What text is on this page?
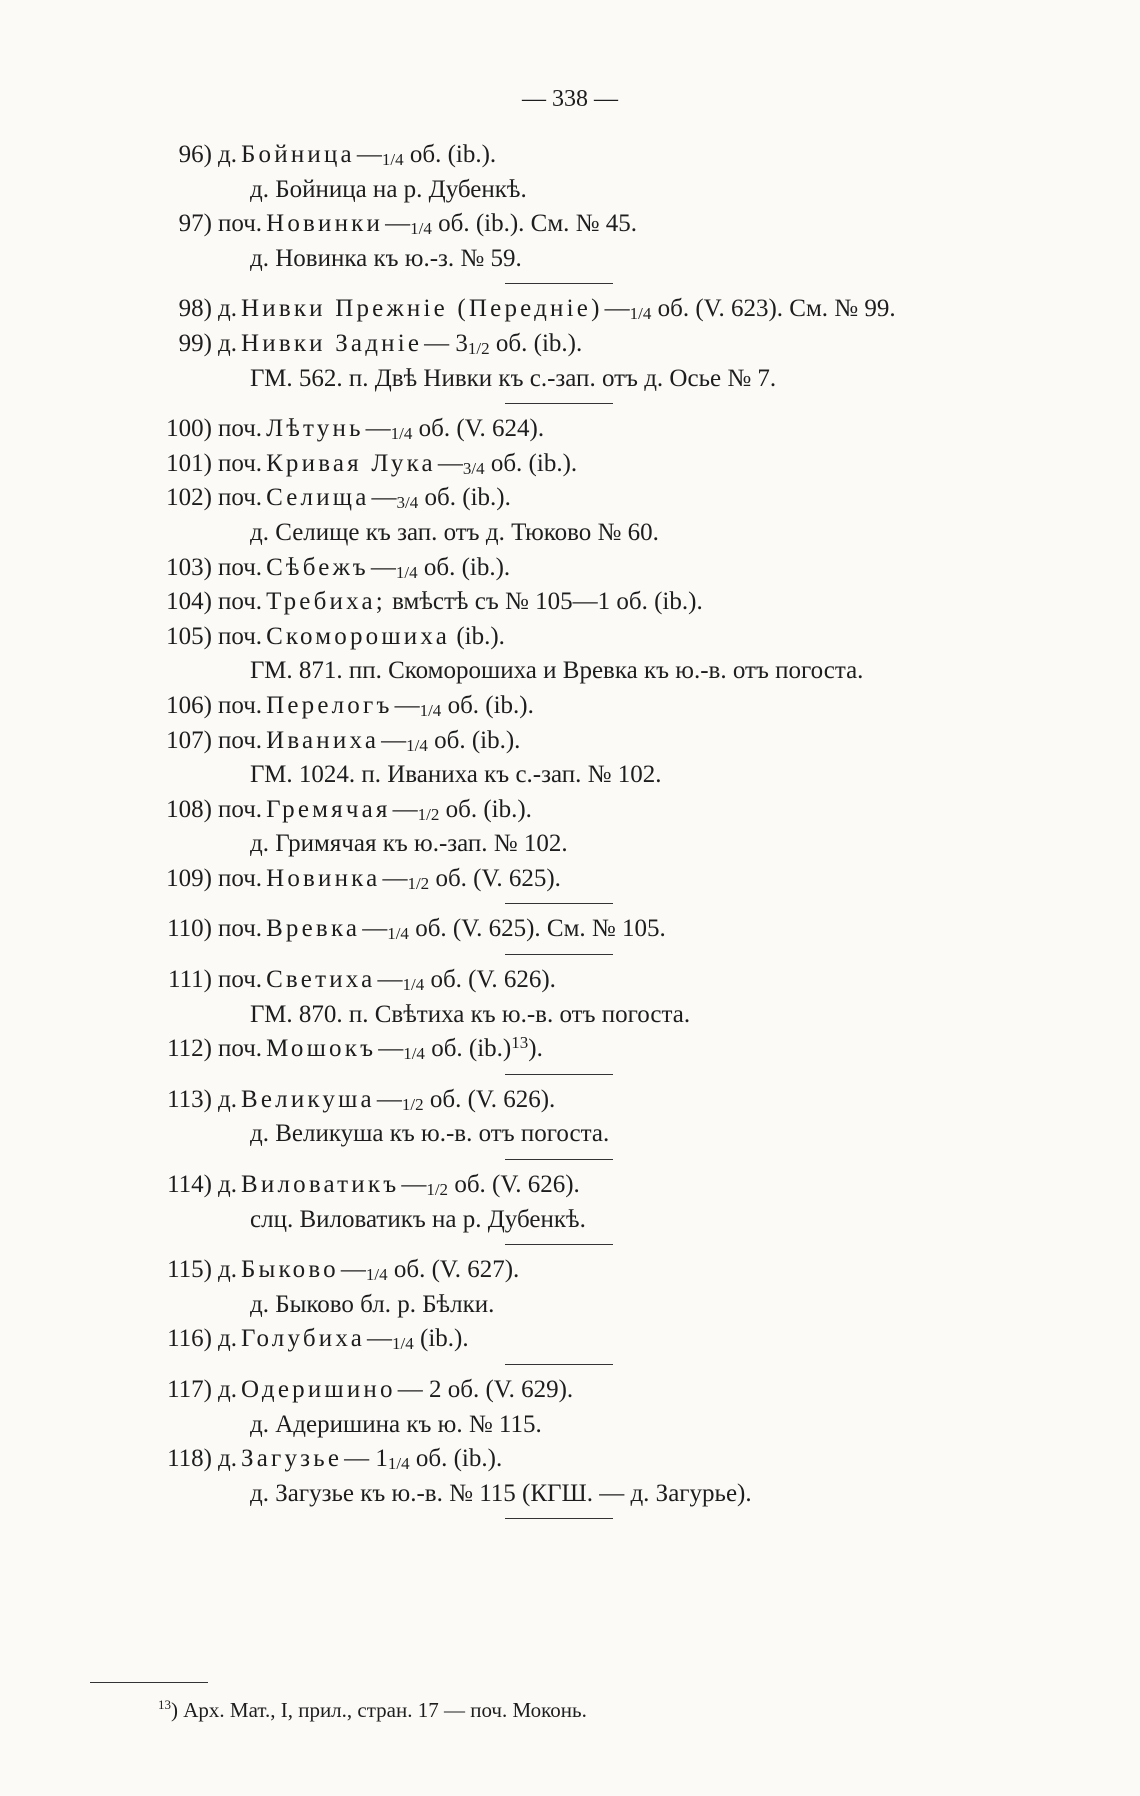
— 338 —
96) д. Бойница—1/4 об. (ib.).
д. Бойница на р. Дубенкѣ.
97) поч. Новинки—1/4 об. (ib.). См. № 45.
д. Новинка къ ю.-з. № 59.
98) д. Нивки Прежніе (Передніе)—1/4 об. (V. 623). См. № 99.
99) д. Нивки Задніе— 31/2 об. (ib.).
ГМ. 562. п. Двѣ Нивки къ с.-зап. отъ д. Осье № 7.
100) поч. Лѣтунь—1/4 об. (V. 624).
101) поч. Кривая Лука—3/4 об. (ib.).
102) поч. Селища—3/4 об. (ib.).
д. Селище къ зап. отъ д. Тюково № 60.
103) поч. Сѣбежъ—1/4 об. (ib.).
104) поч. Требиха; вмѣстѣ съ № 105—1 об. (ib.).
105) поч. Скоморошиха (ib.).
ГМ. 871. пп. Скоморошиха и Вревка къ ю.-в. отъ погоста.
106) поч. Перелогъ—1/4 об. (ib.).
107) поч. Иваниха—1/4 об. (ib.).
ГМ. 1024. п. Иваниха къ с.-зап. № 102.
108) поч. Гремячая—1/2 об. (ib.).
д. Гримячая къ ю.-зап. № 102.
109) поч. Новинка—1/2 об. (V. 625).
110) поч. Вревка—1/4 об. (V. 625). См. № 105.
111) поч. Светиха—1/4 об. (V. 626).
ГМ. 870. п. Свѣтиха къ ю.-в. отъ погоста.
112) поч. Мошокъ—1/4 об. $(ib.)^{13}$).
113) д. Великуша—1/2 об. (V. 626).
д. Великуша къ ю.-в. отъ погоста.
114) д. Виловатикъ—1/2 об. (V. 626).
слц. Виловатикъ на р. Дубенкѣ.
115) д. Быково—1/4 об. (V. 627).
д. Быково бл. р. Бѣлки.
116) д. Голубиха—1/4 (ib.).
117) д. Одеришино— 2 об. (V. 629).
д. Адеришина къ ю. № 115.
118) д. Загузье— 11/4 об. (ib.).
д. Загузье къ ю.-в. № 115 (КГШ. — д. Загурье).
$^{13}$) Арх. Мат., I, прил., стран. 17 — поч. Моконь.
